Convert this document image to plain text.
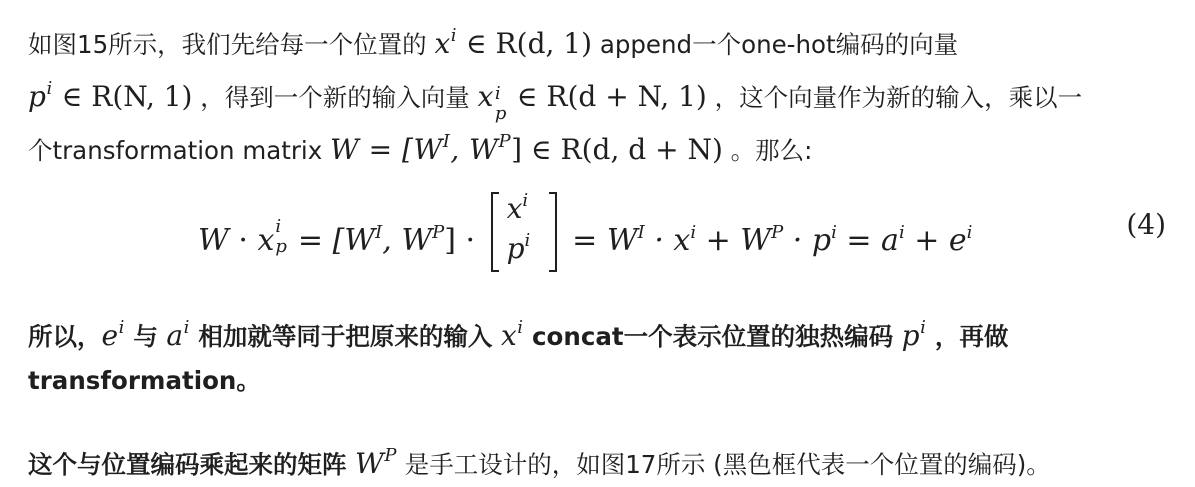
如图15所示，我们先给每一个位置的 $x^i$ ∈ R(d, 1) append一个one-hot编码的向量

$p^i$ ∈ R(N, 1) ，得到一个新的输入向量 x i
p
∈ R(d + N, 1) ，这个向量作为新的输入，乘以一

个transformation matrix $W = [W^I$, $W^P$] ∈ R(d, d + N) 。那么:

W · x i
$p = [W^I$, $W^P$] ·
$x^i$
$p^i = W^I \cdot x^i + W^P \cdot p^i = a^i + e^i$	(4)

所以，$e^i$ 与 $a^i$ 相加就等同于把原来的输入 $x^i$ concat一个表示位置的独热编码 $p^i$ ，再做

transformation。

这个与位置编码乘起来的矩阵 $W^P$ 是手工设计的，如图17所示 (黑色框代表一个位置的编码)。
